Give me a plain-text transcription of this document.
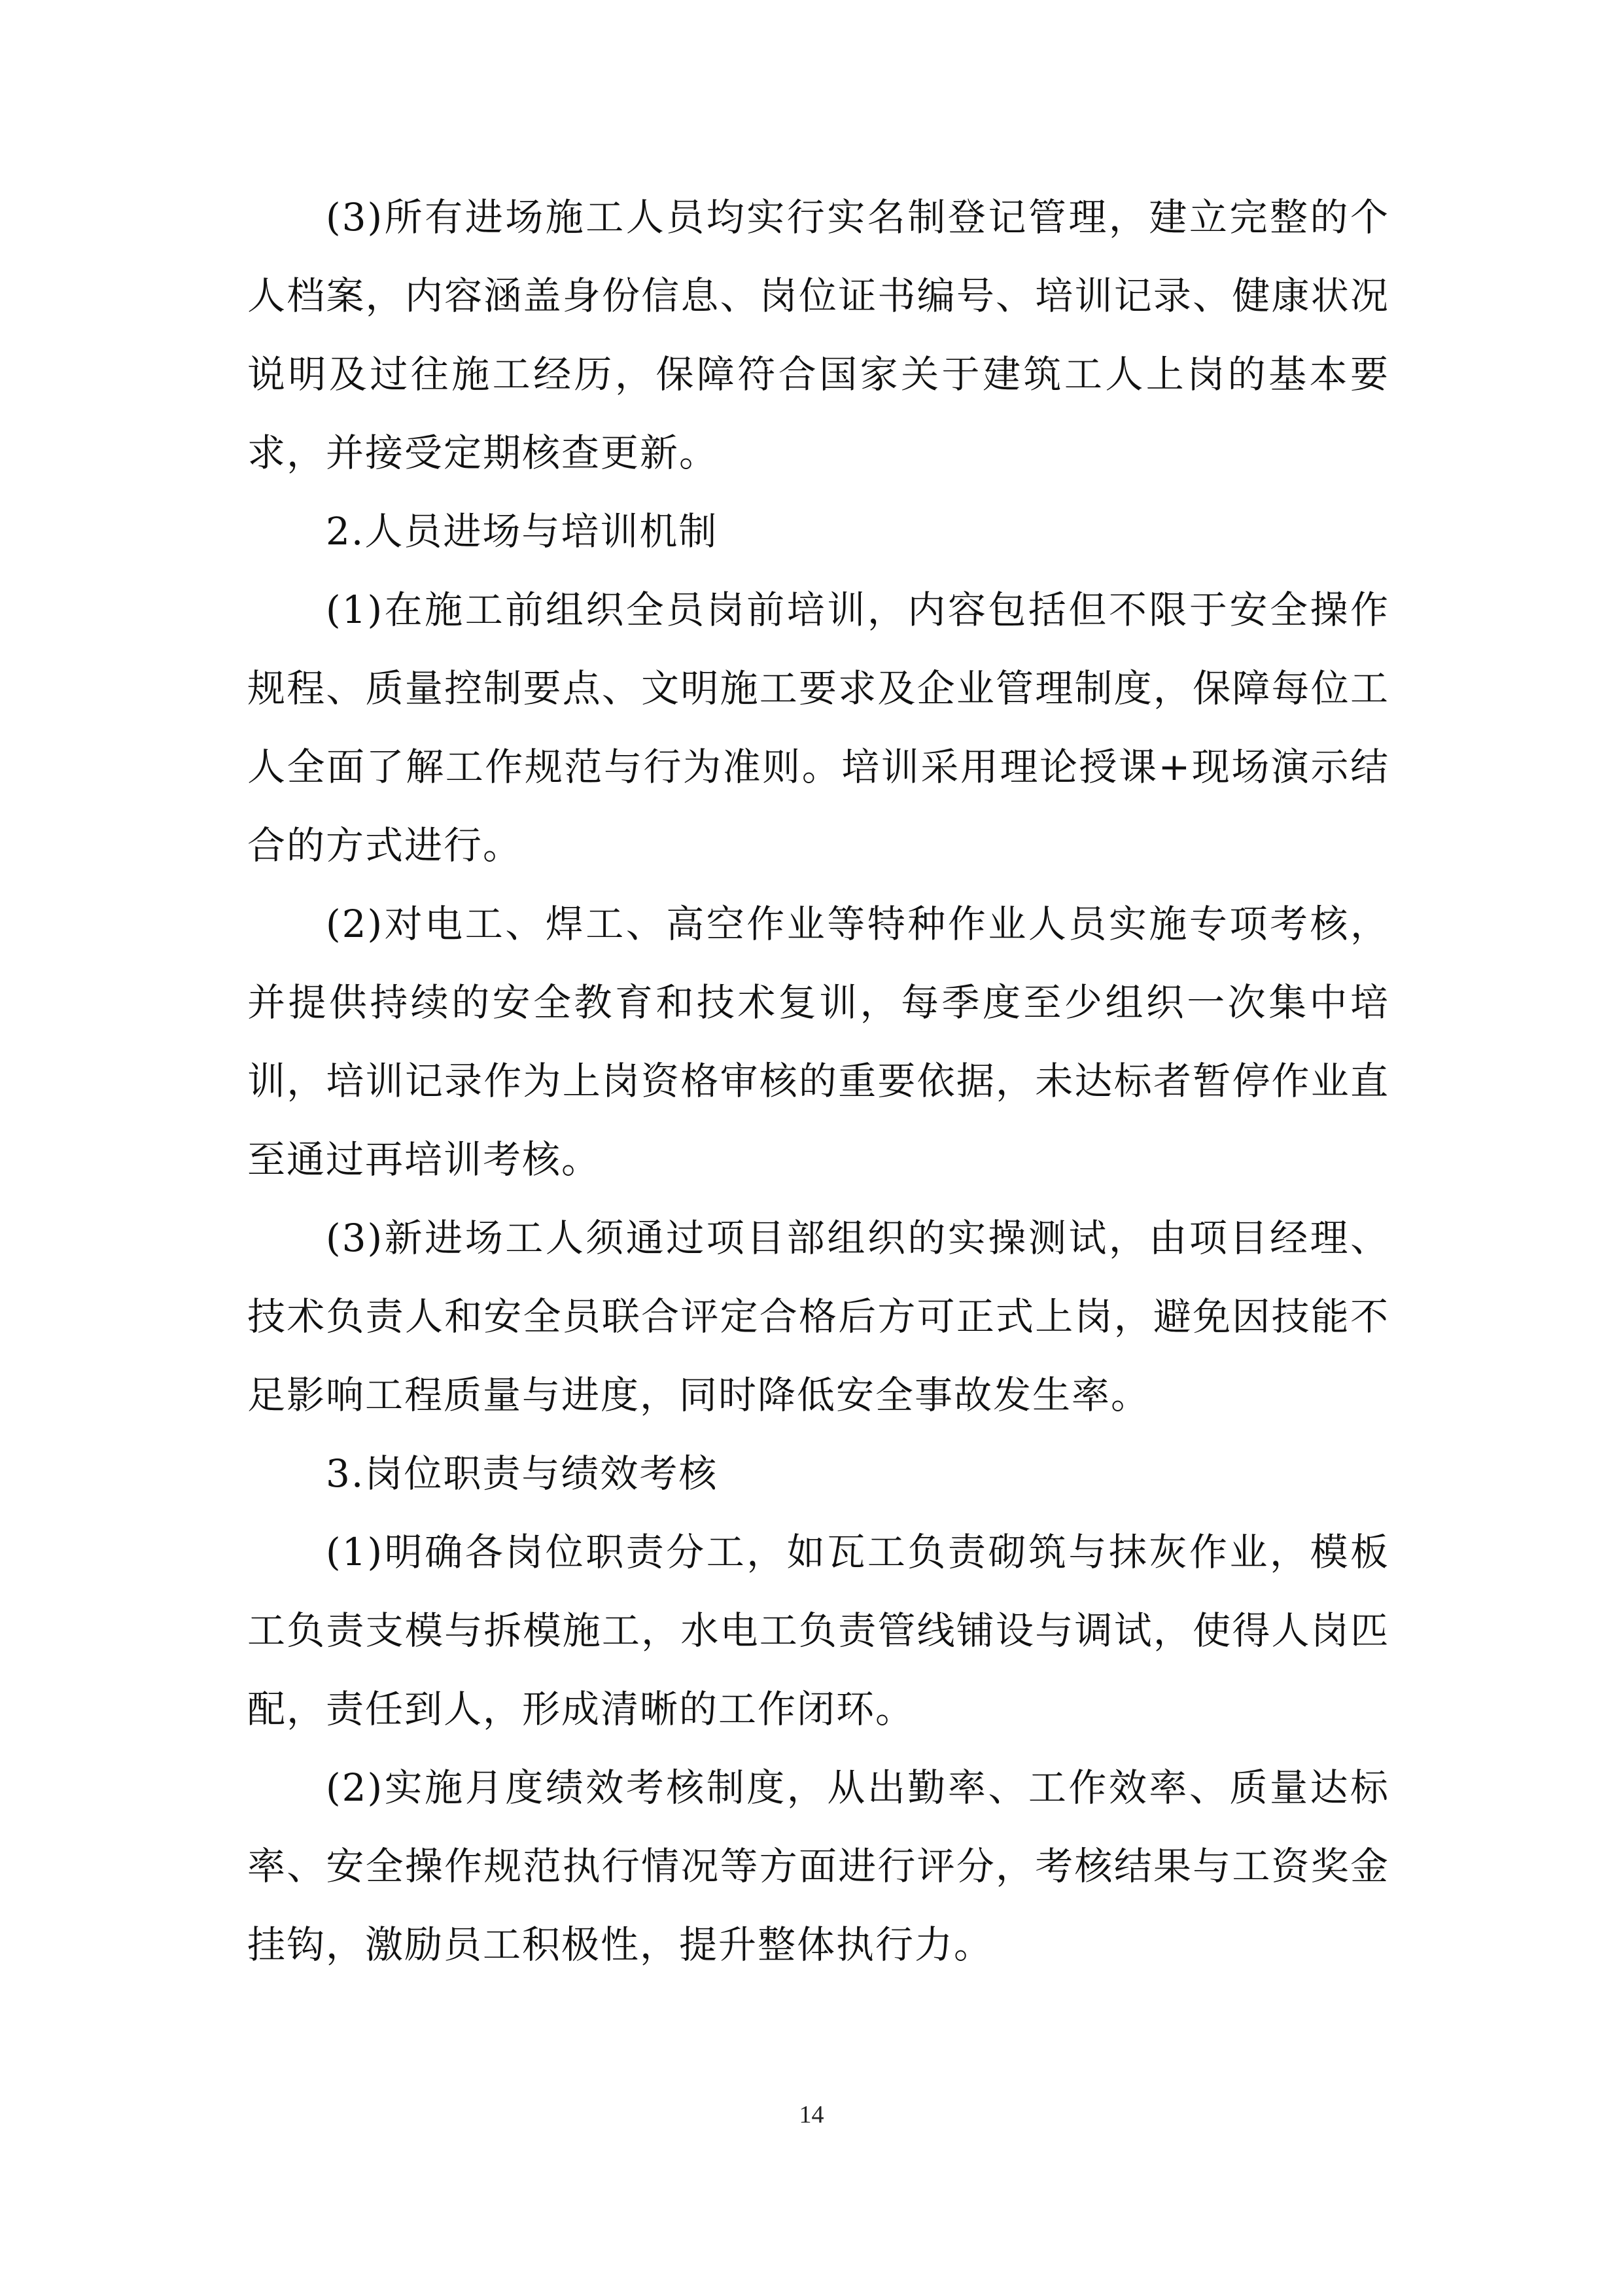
(3)所有进场施工人员均实行实名制登记管理，建立完整的个人档案，内容涵盖身份信息、岗位证书编号、培训记录、健康状况说明及过往施工经历，保障符合国家关于建筑工人上岗的基本要求，并接受定期核查更新。

2.人员进场与培训机制

(1)在施工前组织全员岗前培训，内容包括但不限于安全操作规程、质量控制要点、文明施工要求及企业管理制度，保障每位工人全面了解工作规范与行为准则。培训采用理论授课+现场演示结合的方式进行。

(2)对电工、焊工、高空作业等特种作业人员实施专项考核，并提供持续的安全教育和技术复训，每季度至少组织一次集中培训，培训记录作为上岗资格审核的重要依据，未达标者暂停作业直至通过再培训考核。

(3)新进场工人须通过项目部组织的实操测试，由项目经理、技术负责人和安全员联合评定合格后方可正式上岗，避免因技能不足影响工程质量与进度，同时降低安全事故发生率。

3.岗位职责与绩效考核

(1)明确各岗位职责分工，如瓦工负责砌筑与抹灰作业，模板工负责支模与拆模施工，水电工负责管线铺设与调试，使得人岗匹配，责任到人，形成清晰的工作闭环。

(2)实施月度绩效考核制度，从出勤率、工作效率、质量达标率、安全操作规范执行情况等方面进行评分，考核结果与工资奖金挂钩，激励员工积极性，提升整体执行力。

14
